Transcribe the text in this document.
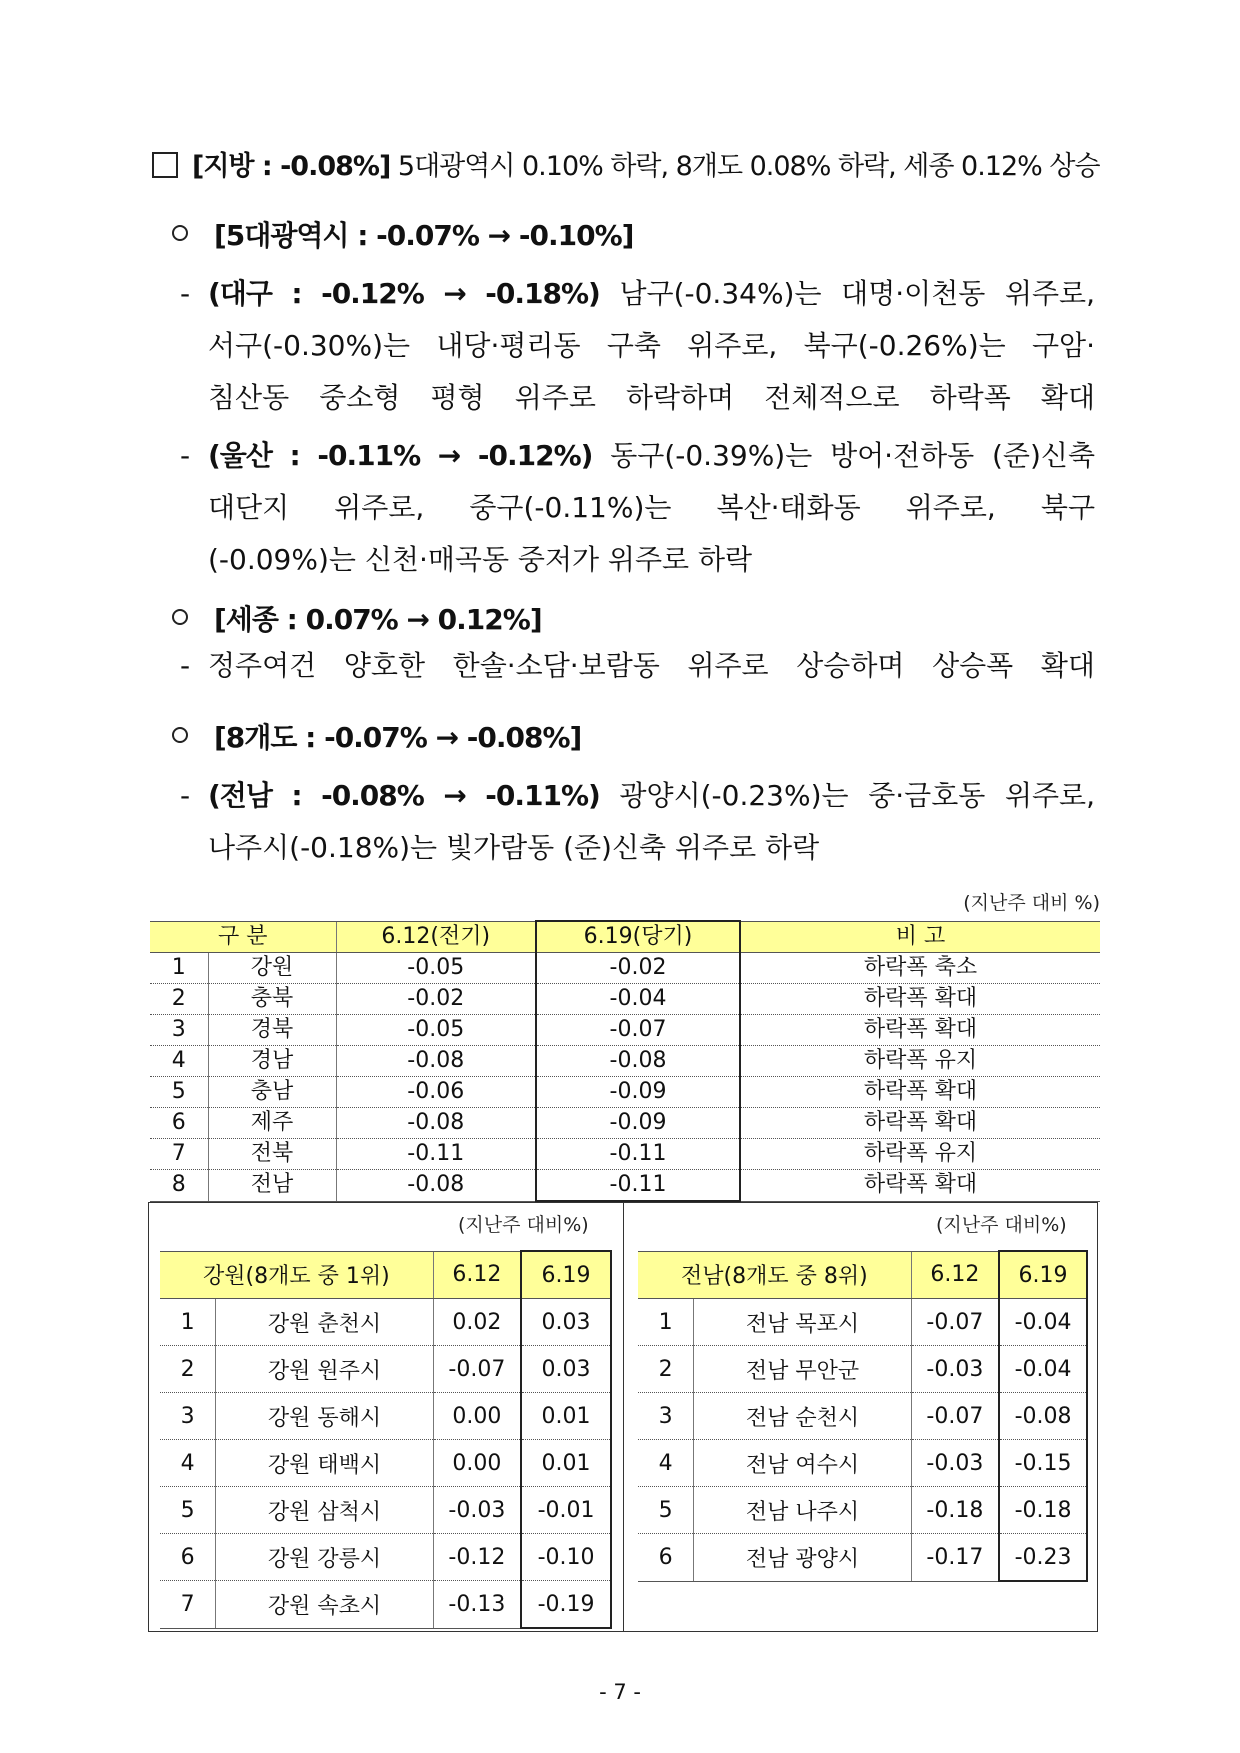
[지방 : -0.08%] 5대광역시 0.10% 하락, 8개도 0.08% 하락, 세종 0.12% 상승
[5대광역시 : -0.07% → -0.10%]
- (대구 : -0.12% → -0.18%) 남구(-0.34%)는 대명·이천동 위주로,
서구(-0.30%)는 내당·평리동 구축 위주로, 북구(-0.26%)는 구암·
침산동 중소형 평형 위주로 하락하며 전체적으로 하락폭 확대
- (울산 : -0.11% → -0.12%) 동구(-0.39%)는 방어·전하동 (준)신축
대단지 위주로, 중구(-0.11%)는 복산·태화동 위주로, 북구
(-0.09%)는 신천·매곡동 중저가 위주로 하락
[세종 : 0.07% → 0.12%]
- 정주여건 양호한 한솔·소담·보람동 위주로 상승하며 상승폭 확대
[8개도 : -0.07% → -0.08%]
- (전남 : -0.08% → -0.11%) 광양시(-0.23%)는 중·금호동 위주로,
나주시(-0.18%)는 빛가람동 (준)신축 위주로 하락
(지난주 대비 %)
구 분		6.12(전기)	6.19(당기)	비 고
1	강원	-0.05	-0.02	하락폭 축소
2	충북	-0.02	-0.04	하락폭 확대
3	경북	-0.05	-0.07	하락폭 확대
4	경남	-0.08	-0.08	하락폭 유지
5	충남	-0.06	-0.09	하락폭 확대
6	제주	-0.08	-0.09	하락폭 확대
7	전북	-0.11	-0.11	하락폭 유지
8	전남	-0.08	-0.11	하락폭 확대
(지난주 대비%)	(지난주 대비%)
강원(8개도 중 1위)		6.12	6.19
1	강원 춘천시	0.02	0.03
2	강원 원주시	-0.07	0.03
3	강원 동해시	0.00	0.01
4	강원 태백시	0.00	0.01
5	강원 삼척시	-0.03	-0.01
6	강원 강릉시	-0.12	-0.10
7	강원 속초시	-0.13	-0.19
전남(8개도 중 8위)		6.12	6.19
1	전남 목포시	-0.07	-0.04
2	전남 무안군	-0.03	-0.04
3	전남 순천시	-0.07	-0.08
4	전남 여수시	-0.03	-0.15
5	전남 나주시	-0.18	-0.18
6	전남 광양시	-0.17	-0.23
- 7 -
